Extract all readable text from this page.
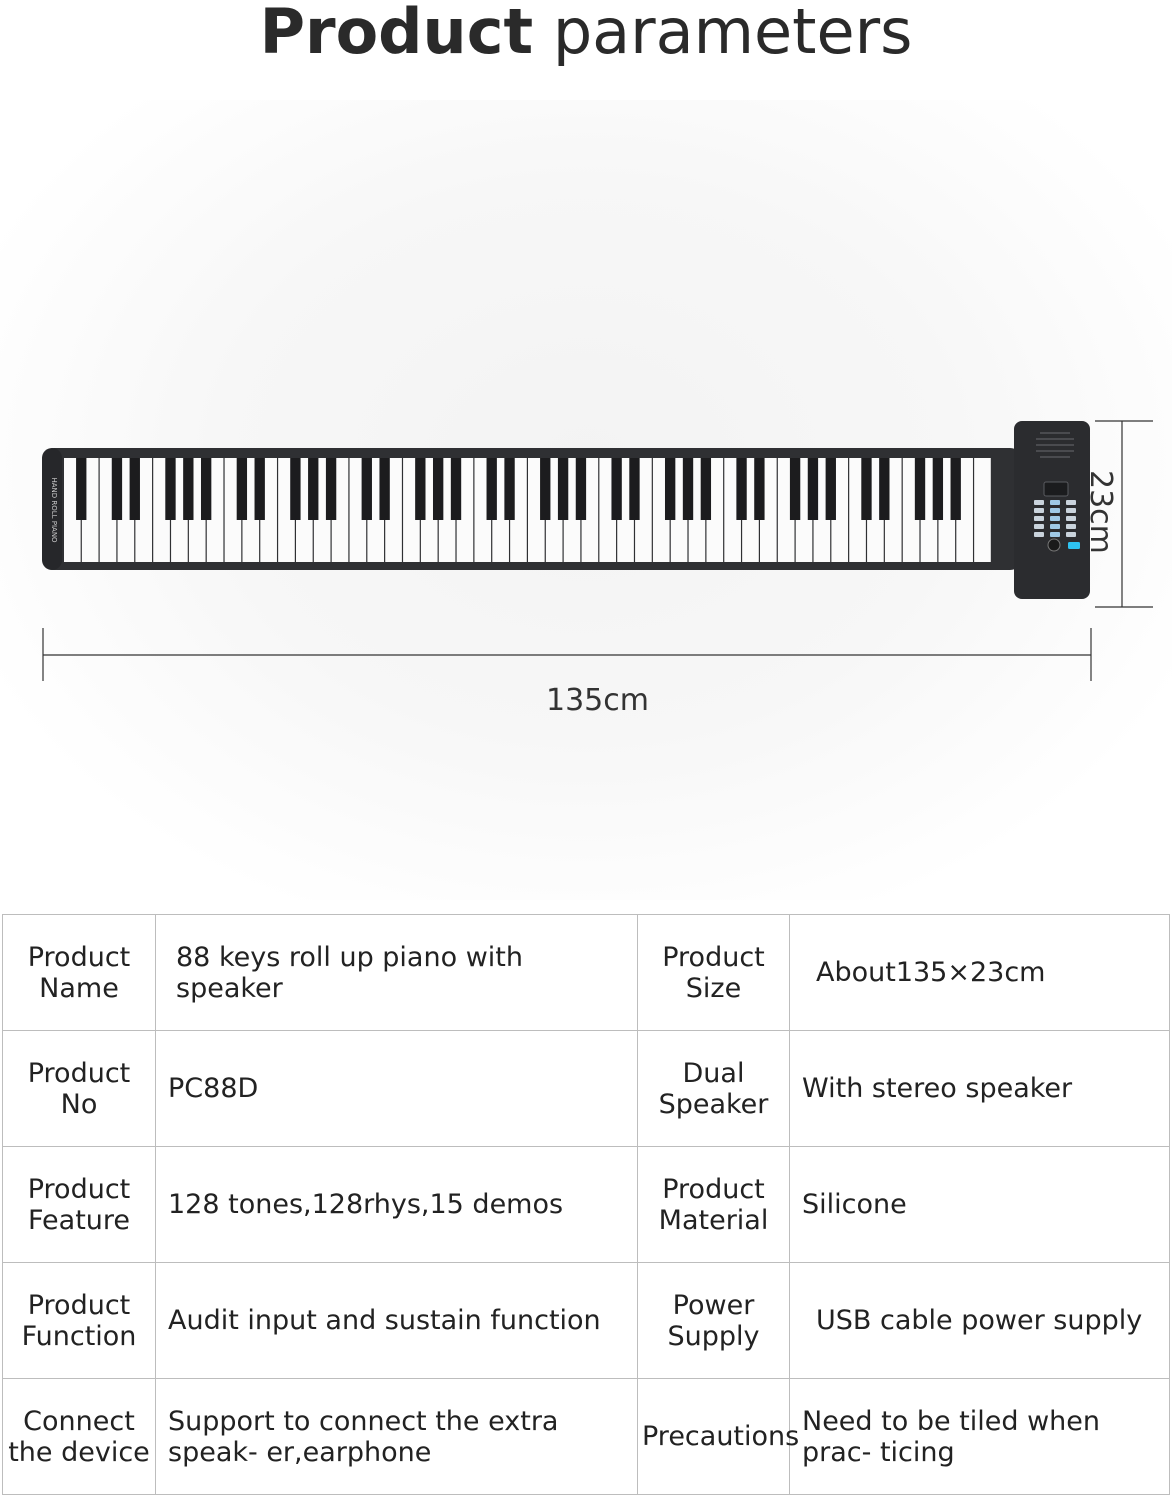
Product parameters
HAND ROLL PIANO
135cm
23cm
Product Name	88 keys roll up piano with speaker	Product Size	About135×23cm
Product No	PC88D	Dual Speaker	With stereo speaker
Product Feature	128 tones,128rhys,15 demos	Product Material	Silicone
Product Function	Audit input and sustain function	Power Supply	USB cable power supply
Connect the device	Support to connect the extra speak- er,earphone	Precautions	Need to be tiled when prac- ticing
